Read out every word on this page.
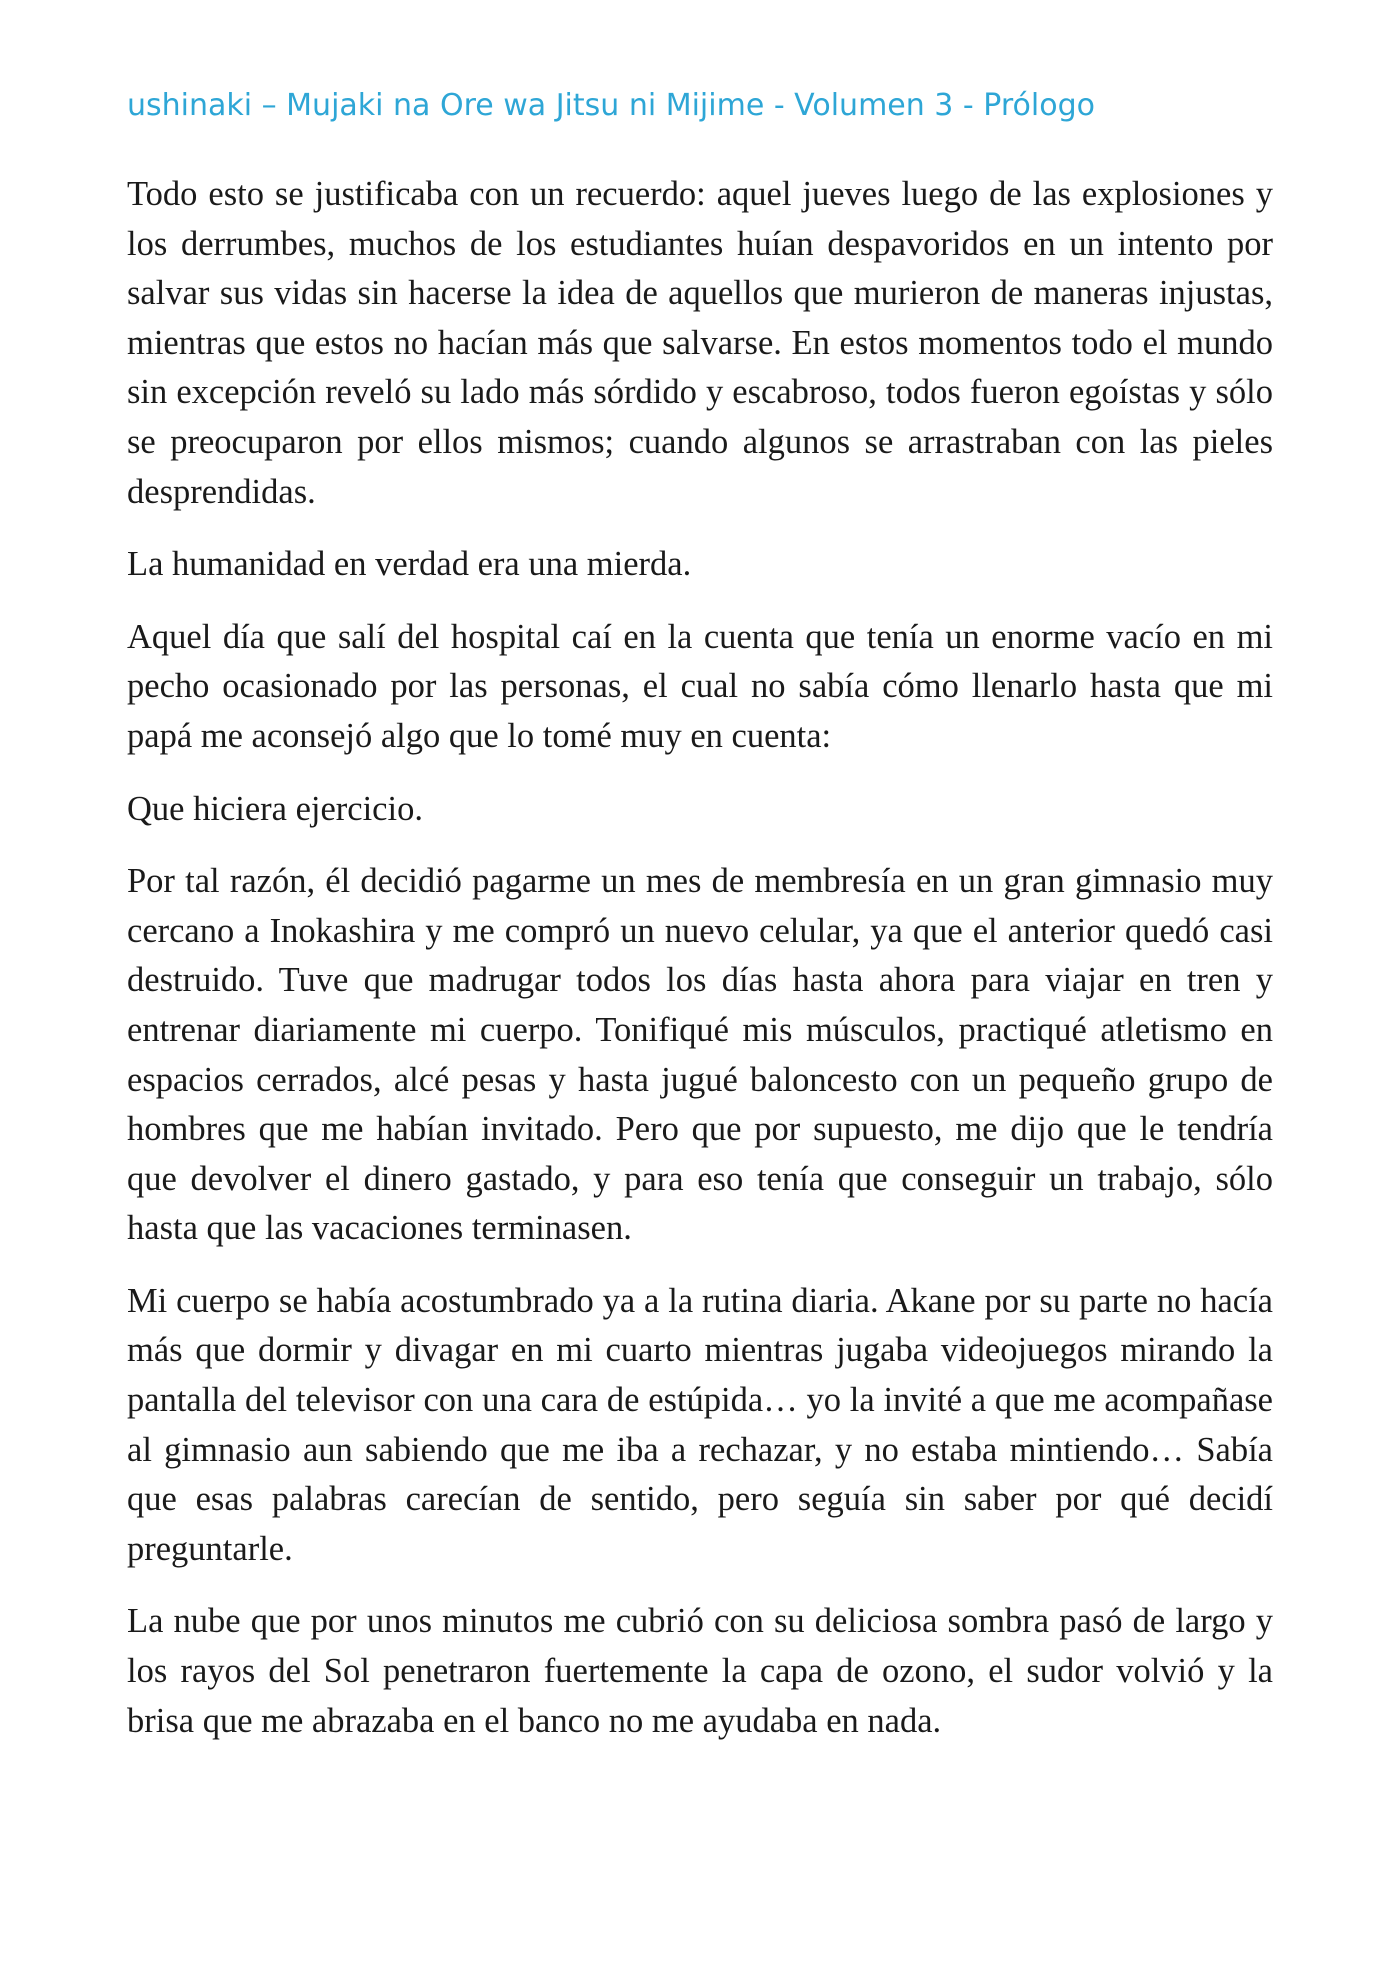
ushinaki – Mujaki na Ore wa Jitsu ni Mijime - Volumen 3 - Prólogo

Todo esto se justificaba con un recuerdo: aquel jueves luego de las explosiones y los derrumbes, muchos de los estudiantes huían despavoridos en un intento por salvar sus vidas sin hacerse la idea de aquellos que murieron de maneras injustas, mientras que estos no hacían más que salvarse. En estos momentos todo el mundo sin excepción reveló su lado más sórdido y escabroso, todos fueron egoístas y sólo se preocuparon por ellos mismos; cuando algunos se arrastraban con las pieles desprendidas.

La humanidad en verdad era una mierda.

Aquel día que salí del hospital caí en la cuenta que tenía un enorme vacío en mi pecho ocasionado por las personas, el cual no sabía cómo llenarlo hasta que mi papá me aconsejó algo que lo tomé muy en cuenta:

Que hiciera ejercicio.

Por tal razón, él decidió pagarme un mes de membresía en un gran gimnasio muy cercano a Inokashira y me compró un nuevo celular, ya que el anterior quedó casi destruido. Tuve que madrugar todos los días hasta ahora para viajar en tren y entrenar diariamente mi cuerpo. Tonifiqué mis músculos, practiqué atletismo en espacios cerrados, alcé pesas y hasta jugué baloncesto con un pequeño grupo de hombres que me habían invitado. Pero que por supuesto, me dijo que le tendría que devolver el dinero gastado, y para eso tenía que conseguir un trabajo, sólo hasta que las vacaciones terminasen.

Mi cuerpo se había acostumbrado ya a la rutina diaria. Akane por su parte no hacía más que dormir y divagar en mi cuarto mientras jugaba videojuegos mirando la pantalla del televisor con una cara de estúpida… yo la invité a que me acompañase al gimnasio aun sabiendo que me iba a rechazar, y no estaba mintiendo… Sabía que esas palabras carecían de sentido, pero seguía sin saber por qué decidí preguntarle.

La nube que por unos minutos me cubrió con su deliciosa sombra pasó de largo y los rayos del Sol penetraron fuertemente la capa de ozono, el sudor volvió y la brisa que me abrazaba en el banco no me ayudaba en nada.
